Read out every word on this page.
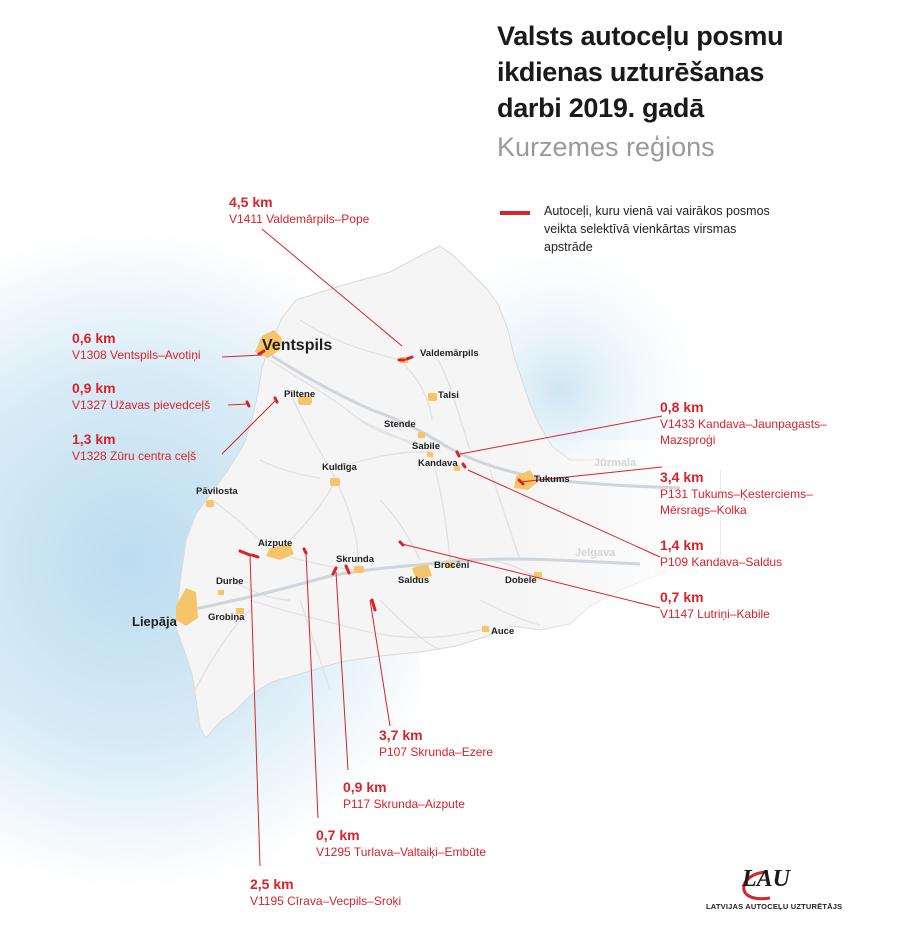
Ventspils	Valdemārpils
Piltene	Talsi
Stende
Sabile
Kandava
Tukums
Kuldīga
Pāvilosta
Aizpute
Skrunda
Brocēni
Saldus	Dobele
Durbe
Liepāja	Grobiņa
Auce
Jūrmala
Jelgava
Valsts autoceļu posmu
ikdienas uzturēšanas
darbi 2019. gadā
Kurzemes reģions
Autoceļi, kuru vienā vai vairākos posmos veikta selektīvā vienkārtas virsmas apstrāde
4,5 km
V1411 Valdemārpils–Pope
0,6 km
V1308 Ventspils–Avotiņi
0,9 km
V1327 Užavas pievedceļš
1,3 km
V1328 Zūru centra ceļš
0,8 km
V1433 Kandava–Jaunpagasts–
Mazsproģi
3,4 km
P131 Tukums–Ķesterciems–
Mērsrags–Kolka
1,4 km
P109 Kandava–Saldus
0,7 km
V1147 Lutriņi–Kabile
3,7 km
P107 Skrunda–Ezere
0,9 km
P117 Skrunda–Aizpute
0,7 km
V1295 Turlava–Valtaiķi–Embūte
2,5 km
V1195 Cīrava–Vecpils–Sroķi
LAU
LATVIJAS AUTOCEĻU UZTURĒTĀJS
